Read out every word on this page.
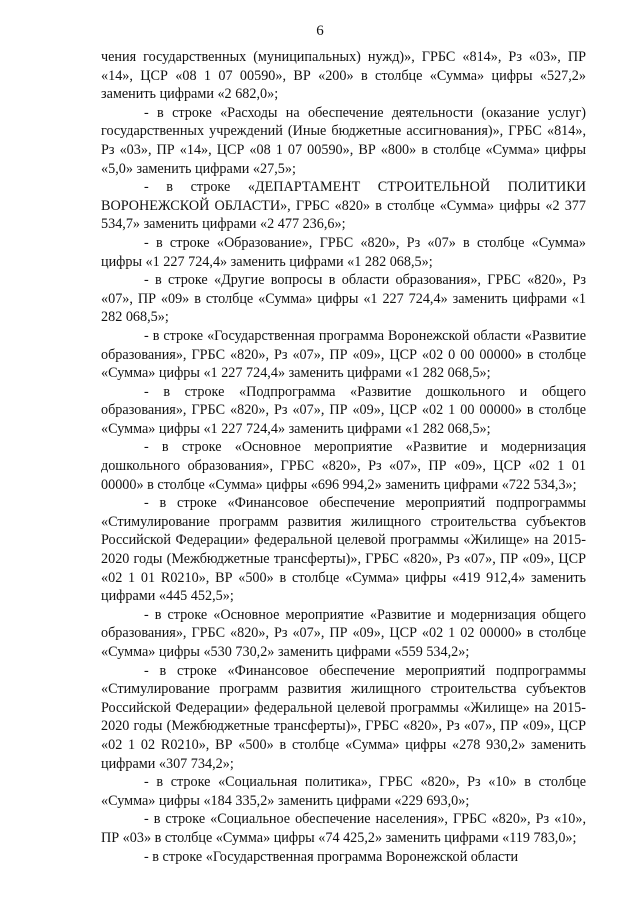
6

чения государственных (муниципальных) нужд)», ГРБС «814», Рз «03», ПР «14», ЦСР «08 1 07 00590», ВР «200» в столбце «Сумма» цифры «527,2» заменить цифрами «2 682,0»;

- в строке «Расходы на обеспечение деятельности (оказание услуг) государственных учреждений (Иные бюджетные ассигнования)», ГРБС «814», Рз «03», ПР «14», ЦСР «08 1 07 00590», ВР «800» в столбце «Сумма» цифры «5,0» заменить цифрами «27,5»;

- в строке «ДЕПАРТАМЕНТ СТРОИТЕЛЬНОЙ ПОЛИТИКИ ВОРОНЕЖСКОЙ ОБЛАСТИ», ГРБС «820» в столбце «Сумма» цифры «2 377 534,7» заменить цифрами «2 477 236,6»;

- в строке «Образование», ГРБС «820», Рз «07» в столбце «Сумма» цифры «1 227 724,4» заменить цифрами «1 282 068,5»;

- в строке «Другие вопросы в области образования», ГРБС «820», Рз «07», ПР «09» в столбце «Сумма» цифры «1 227 724,4» заменить цифрами «1 282 068,5»;

- в строке «Государственная программа Воронежской области «Развитие образования», ГРБС «820», Рз «07», ПР «09», ЦСР «02 0 00 00000» в столбце «Сумма» цифры «1 227 724,4» заменить цифрами «1 282 068,5»;

- в строке «Подпрограмма «Развитие дошкольного и общего образования», ГРБС «820», Рз «07», ПР «09», ЦСР «02 1 00 00000» в столбце «Сумма» цифры «1 227 724,4» заменить цифрами «1 282 068,5»;

- в строке «Основное мероприятие «Развитие и модернизация дошкольного образования», ГРБС «820», Рз «07», ПР «09», ЦСР «02 1 01 00000» в столбце «Сумма» цифры «696 994,2» заменить цифрами «722 534,3»;

- в строке «Финансовое обеспечение мероприятий подпрограммы «Стимулирование программ развития жилищного строительства субъектов Российской Федерации» федеральной целевой программы «Жилище» на 2015-2020 годы (Межбюджетные трансферты)», ГРБС «820», Рз «07», ПР «09», ЦСР «02 1 01 R0210», ВР «500» в столбце «Сумма» цифры «419 912,4» заменить цифрами «445 452,5»;

- в строке «Основное мероприятие «Развитие и модернизация общего образования», ГРБС «820», Рз «07», ПР «09», ЦСР «02 1 02 00000» в столбце «Сумма» цифры «530 730,2» заменить цифрами «559 534,2»;

- в строке «Финансовое обеспечение мероприятий подпрограммы «Стимулирование программ развития жилищного строительства субъектов Российской Федерации» федеральной целевой программы «Жилище» на 2015-2020 годы (Межбюджетные трансферты)», ГРБС «820», Рз «07», ПР «09», ЦСР «02 1 02 R0210», ВР «500» в столбце «Сумма» цифры «278 930,2» заменить цифрами «307 734,2»;

- в строке «Социальная политика», ГРБС «820», Рз «10» в столбце «Сумма» цифры «184 335,2» заменить цифрами «229 693,0»;

- в строке «Социальное обеспечение населения», ГРБС «820», Рз «10», ПР «03» в столбце «Сумма» цифры «74 425,2» заменить цифрами «119 783,0»;

- в строке «Государственная программа Воронежской области
